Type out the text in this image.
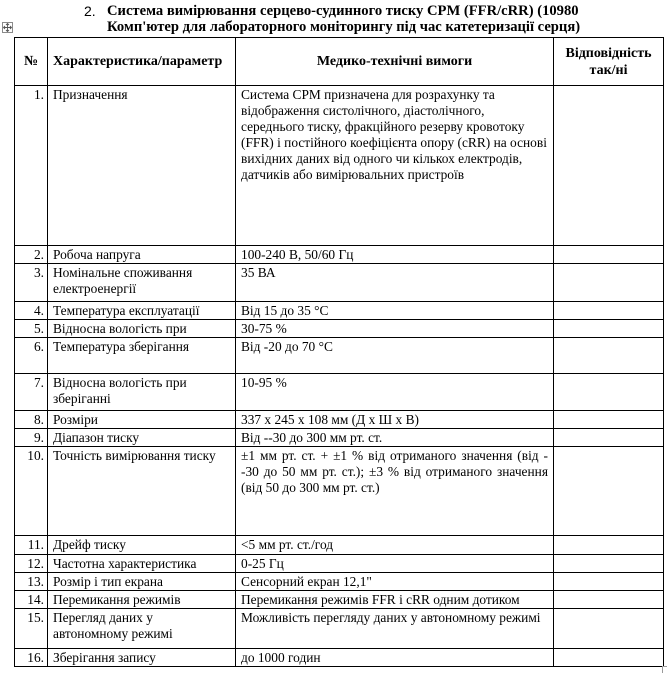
2. Система вимірювання серцево-судинного тиску CPM (FFR/cRR) (10980
Комп'ютер для лабораторного моніторингу під час катетеризації серця)
№	Характеристика/параметр	Медико-технічні вимоги	Відповідність так/ні
1.	Призначення	Система CPM призначена для розрахунку та відображення систолічного, діастолічного, середнього тиску, фракційного резерву кровотоку (FFR) і постійного коефіцієнта опору (cRR) на основі вихідних даних від одного чи кількох електродів, датчиків або вимірювальних пристроїв	
2.	Робоча напруга	100-240 В, 50/60 Гц	
3.	Номінальне споживання електроенергії	35 ВА	
4.	Температура експлуатації	Від 15 до 35 °C	
5.	Відносна вологість при	30-75 %	
6.	Температура зберігання	Від -20 до 70 °C	
7.	Відносна вологість при зберіганні	10-95 %	
8.	Розміри	337 x 245 x 108 мм (Д x Ш x В)	
9.	Діапазон тиску	Від --30 до 300 мм рт. ст.	
10.	Точність вимірювання тиску	±1 мм рт. ст. + ±1 % від отриманого значення (від --30 до 50 мм рт. ст.); ±3 % від отриманого значення (від 50 до 300 мм рт. ст.)	
11.	Дрейф тиску	<5 мм рт. ст./год	
12.	Частотна характеристика	0-25 Гц	
13.	Розмір і тип екрана	Сенсорний екран 12,1"	
14.	Перемикання режимів	Перемикання режимів FFR і cRR одним дотиком	
15.	Перегляд даних у автономному режимі	Можливість перегляду даних у автономному режимі	
16.	Зберігання запису	до 1000 годин	
